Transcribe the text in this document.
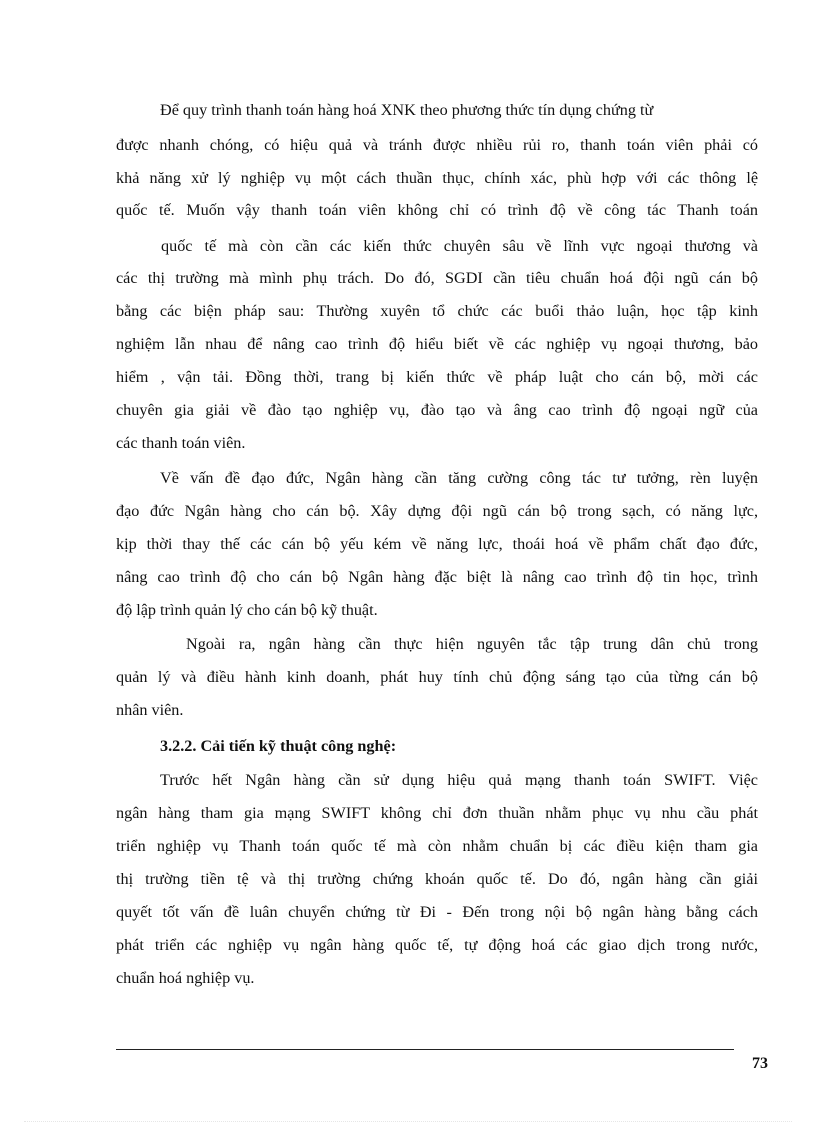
Để quy trình thanh toán hàng hoá XNK theo phương thức tín dụng chứng từ
được nhanh chóng, có hiệu quả và tránh được nhiều rủi ro, thanh toán viên phải có
khả năng xử lý nghiệp vụ một cách thuần thục, chính xác, phù hợp với các thông lệ
quốc tế. Muốn vậy thanh toán viên không chỉ có trình độ về công tác Thanh toán
quốc tế mà còn cần các kiến thức chuyên sâu về lĩnh vực ngoại thương và
các thị trường mà mình phụ trách. Do đó, SGDI cần tiêu chuẩn hoá đội ngũ cán bộ
bằng các biện pháp sau: Thường xuyên tổ chức các buổi thảo luận, học tập kinh
nghiệm lẫn nhau để nâng cao trình độ hiểu biết về các nghiệp vụ ngoại thương, bảo
hiểm , vận tải. Đồng thời, trang bị kiến thức về pháp luật cho cán bộ, mời các
chuyên gia giải về đào tạo nghiệp vụ, đào tạo và âng cao trình độ ngoại ngữ của
các thanh toán viên.
Về vấn đề đạo đức, Ngân hàng cần tăng cường công tác tư tưởng, rèn luyện
đạo đức Ngân hàng cho cán bộ. Xây dựng đội ngũ cán bộ trong sạch, có năng lực,
kịp thời thay thế các cán bộ yếu kém về năng lực, thoái hoá về phẩm chất đạo đức,
nâng cao trình độ cho cán bộ Ngân hàng đặc biệt là nâng cao trình độ tin học, trình
độ lập trình quản lý cho cán bộ kỹ thuật.
Ngoài ra, ngân hàng cần thực hiện nguyên tắc tập trung dân chủ trong
quản lý và điều hành kinh doanh, phát huy tính chủ động sáng tạo của từng cán bộ
nhân viên.
3.2.2. Cải tiến kỹ thuật công nghệ:
Trước hết Ngân hàng cần sử dụng hiệu quả mạng thanh toán SWIFT. Việc
ngân hàng tham gia mạng SWIFT không chỉ đơn thuần nhằm phục vụ nhu cầu phát
triển nghiệp vụ Thanh toán quốc tế mà còn nhằm chuẩn bị các điều kiện tham gia
thị trường tiền tệ và thị trường chứng khoán quốc tế. Do đó, ngân hàng cần giải
quyết tốt vấn đề luân chuyển chứng từ Đi - Đến trong nội bộ ngân hàng bằng cách
phát triển các nghiệp vụ ngân hàng quốc tế, tự động hoá các giao dịch trong nước,
chuẩn hoá nghiệp vụ.
73
